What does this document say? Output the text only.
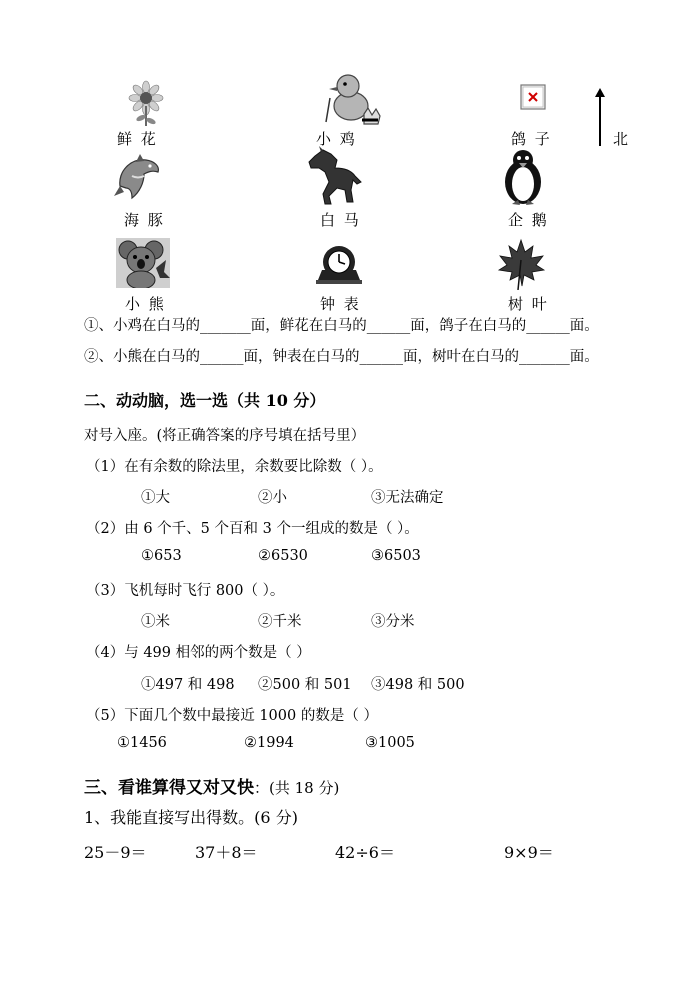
鲜 花	小 鸡	鸽 子	北
海 豚	白 马	企 鹅
小 熊	钟 表	树 叶
①、小鸡在白马的_______面，鲜花在白马的______面，鸽子在白马的______面。
②、小熊在白马的______面，钟表在白马的______面，树叶在白马的_______面。
二、动动脑，选一选（共 10 分）
对号入座。(将正确答案的序号填在括号里）
（1）在有余数的除法里，余数要比除数（ ）。
①大	②小	③无法确定
（2）由 6 个千、5 个百和 3 个一组成的数是（ ）。
①653	②6530	③6503
（3）飞机每时飞行 800（ ）。
①米	②千米	③分米
（4）与 499 相邻的两个数是（ ）
①497 和 498 ②500 和 501 ③498 和 500
（5）下面几个数中最接近 1000 的数是（ ）
①1456	②1994	③1005
三、看谁算得又对又快：(共 18 分)
1、我能直接写出得数。(6 分)
25－9＝	37＋8＝	42÷6＝	9×9＝
